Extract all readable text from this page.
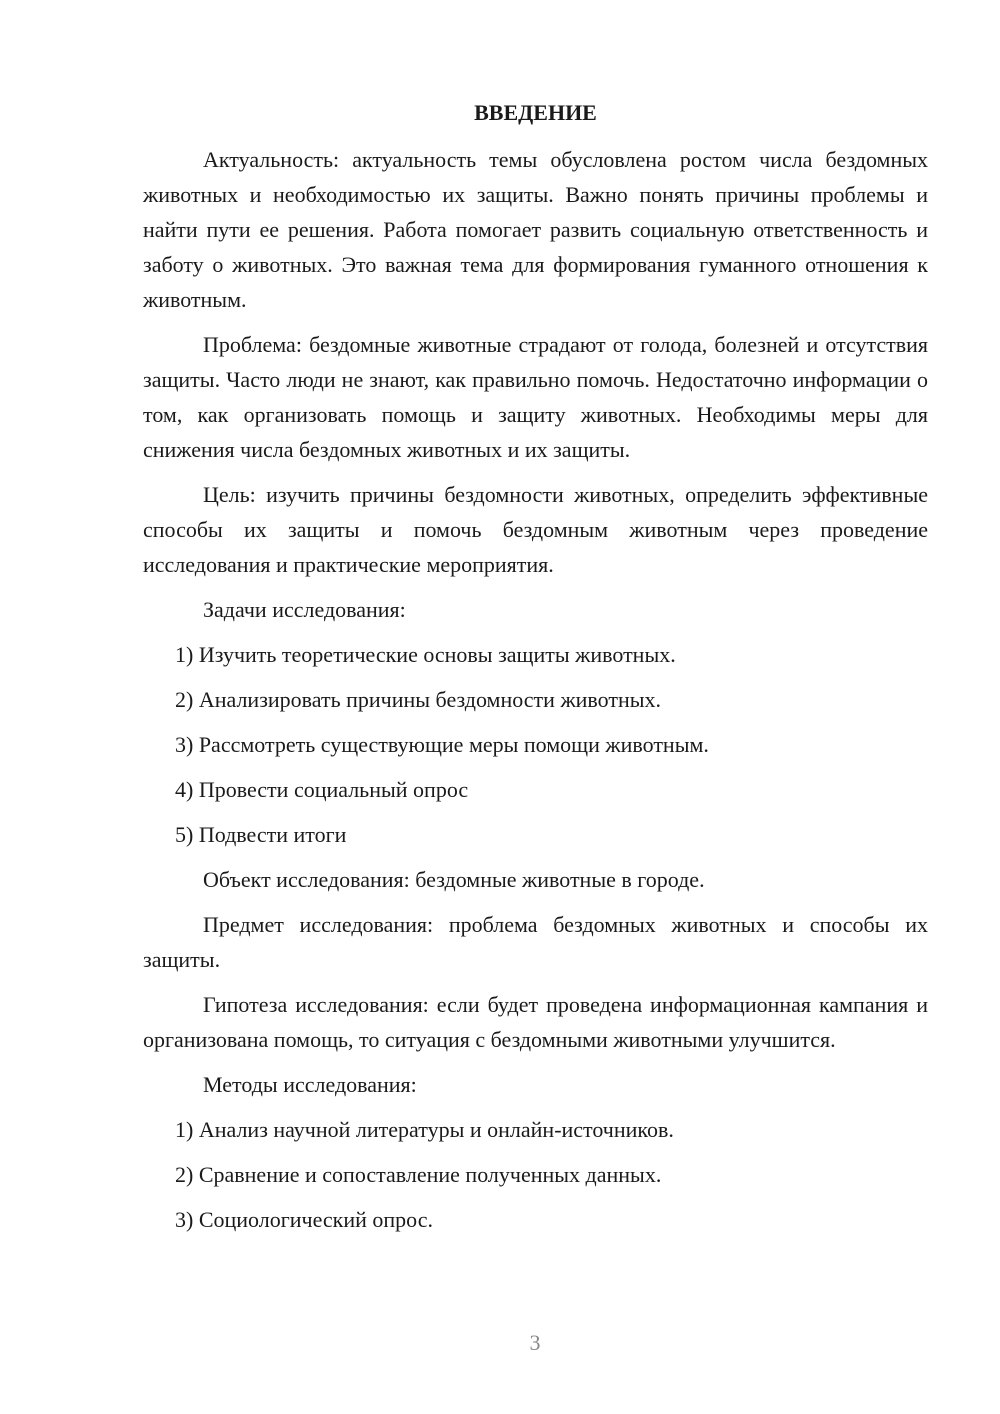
ВВЕДЕНИЕ

Актуальность: актуальность темы обусловлена ростом числа бездомных животных и необходимостью их защиты. Важно понять причины проблемы и найти пути ее решения. Работа помогает развить социальную ответственность и заботу о животных. Это важная тема для формирования гуманного отношения к животным.

Проблема: бездомные животные страдают от голода, болезней и отсутствия защиты. Часто люди не знают, как правильно помочь. Недостаточно информации о том, как организовать помощь и защиту животных. Необходимы меры для снижения числа бездомных животных и их защиты.

Цель: изучить причины бездомности животных, определить эффективные способы их защиты и помочь бездомным животным через проведение исследования и практические мероприятия.

Задачи исследования:
1) Изучить теоретические основы защиты животных.
2) Анализировать причины бездомности животных.
3) Рассмотреть существующие меры помощи животным.
4) Провести социальный опрос
5) Подвести итоги

Объект исследования: бездомные животные в городе.

Предмет исследования: проблема бездомных животных и способы их защиты.

Гипотеза исследования: если будет проведена информационная кампания и организована помощь, то ситуация с бездомными животными улучшится.

Методы исследования:
1) Анализ научной литературы и онлайн-источников.
2) Сравнение и сопоставление полученных данных.
3) Социологический опрос.
3
